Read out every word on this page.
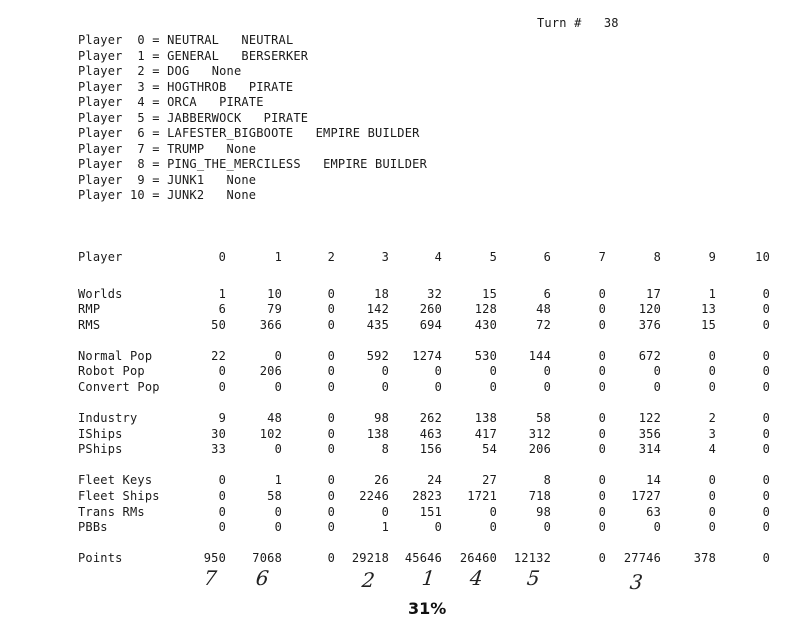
Turn # 38
Player  0 = NEUTRAL NEUTRAL
Player  1 = GENERAL BERSERKER
Player  2 = DOG None
Player  3 = HOGTHROB PIRATE
Player  4 = ORCA PIRATE
Player  5 = JABBERWOCK PIRATE
Player  6 = LAFESTER_BIGBOOTE EMPIRE BUILDER
Player  7 = TRUMP None
Player  8 = PING_THE_MERCILESS EMPIRE BUILDER
Player  9 = JUNK1 None
Player 10 = JUNK2 None
Player	0	1	2	3	4	5	6	7	8	9	10
Worlds	1	10	0	18	32	15	6	0	17	1	0
RMP	6	79	0	142	260	128	48	0	120	13	0
RMS	50	366	0	435	694	430	72	0	376	15	0
Normal Pop	22	0	0	592	1274	530	144	0	672	0	0
Robot Pop	0	206	0	0	0	0	0	0	0	0	0
Convert Pop	0	0	0	0	0	0	0	0	0	0	0
Industry	9	48	0	98	262	138	58	0	122	2	0
IShips	30	102	0	138	463	417	312	0	356	3	0
PShips	33	0	0	8	156	54	206	0	314	4	0
Fleet Keys	0	1	0	26	24	27	8	0	14	0	0
Fleet Ships	0	58	0	2246	2823	1721	718	0	1727	0	0
Trans RMs	0	0	0	0	151	0	98	0	63	0	0
PBBs	0	0	0	1	0	0	0	0	0	0	0
Points	950	7068	0	29218	45646	26460	12132	0	27746	378	0
7 6	2 1 4 5	3
31%
